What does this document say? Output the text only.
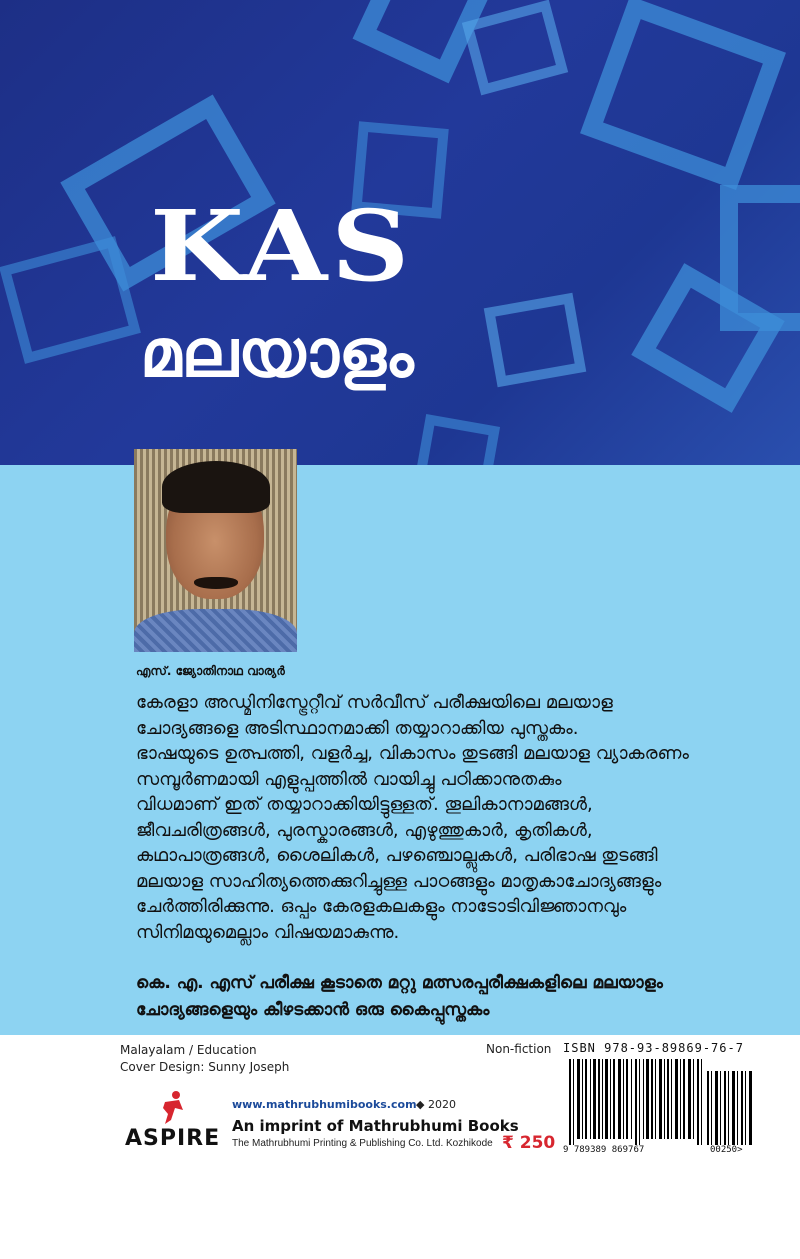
KAS
മലയാളം
എസ്. ജ്യോതിനാഥ വാര്യർ
കേരളാ അഡ്മിനിസ്ട്രേറ്റീവ് സർവീസ് പരീക്ഷയിലെ മലയാള
ചോദ്യങ്ങളെ അടിസ്ഥാനമാക്കി തയ്യാറാക്കിയ പുസ്തകം.
ഭാഷയുടെ ഉത്പത്തി, വളർച്ച, വികാസം തുടങ്ങി മലയാള വ്യാകരണം
സമ്പൂർണമായി എളുപ്പത്തിൽ വായിച്ചു പഠിക്കാനുതകും
വിധമാണ് ഇത് തയ്യാറാക്കിയിട്ടുള്ളത്. തൂലികാനാമങ്ങൾ,
ജീവചരിത്രങ്ങൾ, പുരസ്കാരങ്ങൾ, എഴുത്തുകാർ, കൃതികൾ,
കഥാപാത്രങ്ങൾ, ശൈലികൾ, പഴഞ്ചൊല്ലുകൾ, പരിഭാഷ തുടങ്ങി
മലയാള സാഹിത്യത്തെക്കുറിച്ചുള്ള പാഠങ്ങളും മാതൃകാചോദ്യങ്ങളും
ചേർത്തിരിക്കുന്നു. ഒപ്പം കേരളകലകളും നാടോടിവിജ്ഞാനവും
സിനിമയുമെല്ലാം വിഷയമാകുന്നു.
കെ. എ. എസ് പരീക്ഷ കൂടാതെ മറ്റു മത്സരപ്പരീക്ഷകളിലെ മലയാളം
ചോദ്യങ്ങളെയും കീഴടക്കാൻ ഒരു കൈപ്പുസ്തകം
Malayalam / Education
Cover Design: Sunny Joseph
Non-fiction
ASPIRE
www.mathrubhumibooks.com ◆ 2020
An imprint of Mathrubhumi Books
The Mathrubhumi Printing & Publishing Co. Ltd. Kozhikode ₹ 250
ISBN 978-93-89869-76-7
9 789389 869767	00250>
